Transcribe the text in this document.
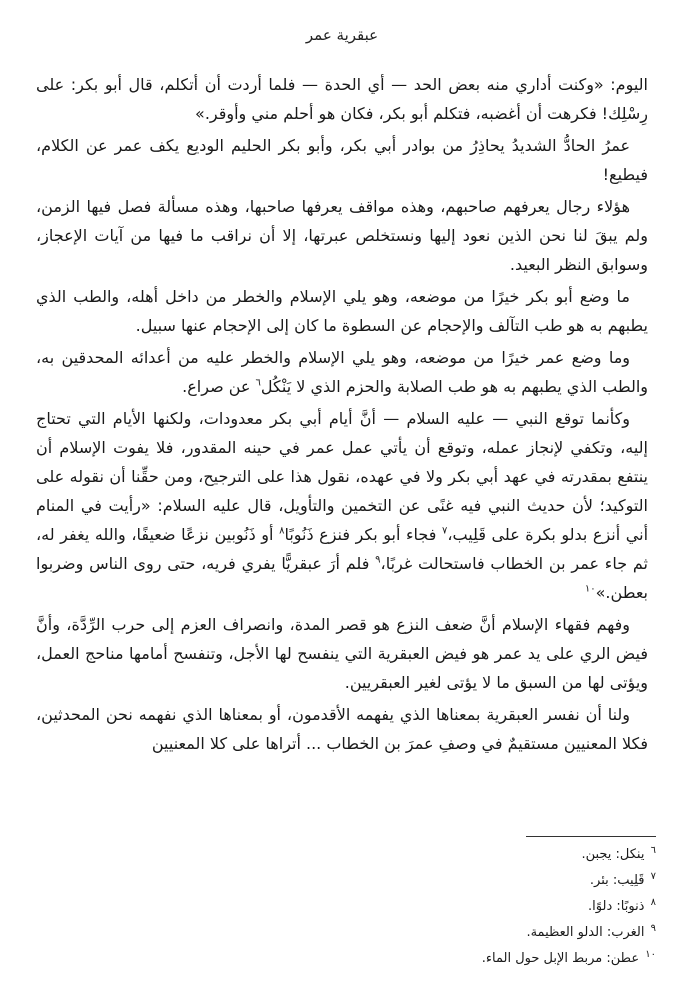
عبقرية عمر

اليوم: «وكنت أداري منه بعض الحد — أي الحدة — فلما أردت أن أتكلم، قال أبو بكر: على رِسْلِك! فكرهت أن أغضبه، فتكلم أبو بكر، فكان هو أحلم مني وأوقر.»

عمرُ الحادُّ الشديدُ يحاذِرُ من بوادر أبي بكر، وأبو بكر الحليم الوديع يكف عمر عن الكلام، فيطيع!

هؤلاء رجال يعرفهم صاحبهم، وهذه مواقف يعرفها صاحبها، وهذه مسألة فصل فيها الزمن، ولم يبقَ لنا نحن الذين نعود إليها ونستخلص عبرتها، إلا أن نراقب ما فيها من آيات الإعجاز، وسوابق النظر البعيد.

ما وضع أبو بكر خيرًا من موضعه، وهو يلي الإسلام والخطر من داخل أهله، والطب الذي يطبهم به هو طب التآلف والإحجام عن السطوة ما كان إلى الإحجام عنها سبيل.

وما وضع عمر خيرًا من موضعه، وهو يلي الإسلام والخطر عليه من أعدائه المحدقين به، والطب الذي يطبهم به هو طب الصلابة والحزم الذي لا يَنْكُل$^٦$ عن صراع.

وكأنما توقع النبي — عليه السلام — أنَّ أيام أبي بكر معدودات، ولكنها الأيام التي تحتاج إليه، وتكفي لإنجاز عمله، وتوقع أن يأتي عمل عمر في حينه المقدور، فلا يفوت الإسلام أن ينتفع بمقدرته في عهد أبي بكر ولا في عهده، نقول هذا على الترجيح، ومن حقِّنا أن نقوله على التوكيد؛ لأن حديث النبي فيه غنًى عن التخمين والتأويل، قال عليه السلام: «رأيت في المنام أني أنزع بدلو بكرة على قَلِيب،$^٧$ فجاء أبو بكر فنزع ذَنُوبًا$^٨$ أو ذَنُوبين نزعًا ضعيفًا، والله يغفر له، ثم جاء عمر بن الخطاب فاستحالت غربًا،$^٩$ فلم أرَ عبقريًّا يفري فريه، حتى روى الناس وضربوا بعطن.»$^{١٠}$

وفهم فقهاء الإسلام أنَّ ضعف النزع هو قصر المدة، وانصراف العزم إلى حرب الرِّدَّة، وأنَّ فيض الري على يد عمر هو فيض العبقرية التي ينفسح لها الأجل، وتنفسح أمامها مناحج العمل، ويؤتى لها من السبق ما لا يؤتى لغير العبقريين.

ولنا أن نفسر العبقرية بمعناها الذي يفهمه الأقدمون، أو بمعناها الذي نفهمه نحن المحدثين، فكلا المعنيين مستقيمٌ في وصفِ عمرَ بن الخطاب ... أتراها على كلا المعنيين

$^٦$ ينكل: يجبن.
$^٧$ قَلِيب: بئر.
$^٨$ ذنوبًا: دلوًا.
$^٩$ الغرب: الدلو العظيمة.
$^{١٠}$ عطن: مربط الإبل حول الماء.
